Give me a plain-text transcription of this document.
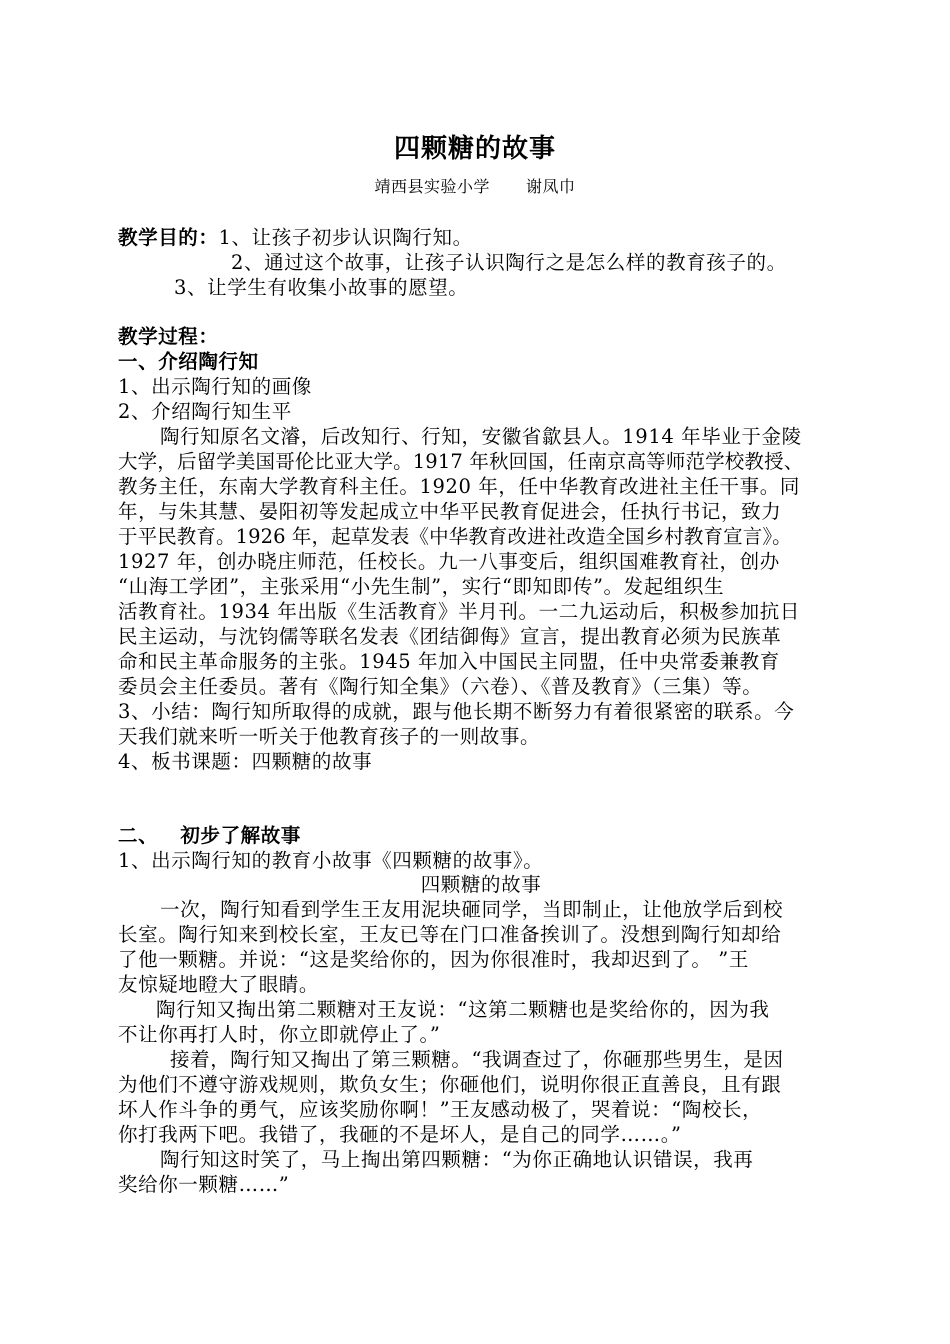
四颗糖的故事
靖西县实验小学 谢凤巾
教学目的：1、让孩子初步认识陶行知。
2、通过这个故事，让孩子认识陶行之是怎么样的教育孩子的。
3、让学生有收集小故事的愿望。
教学过程：
一、介绍陶行知
1、出示陶行知的画像
2、介绍陶行知生平
陶行知原名文濬，后改知行、行知，安徽省歙县人。1914 年毕业于金陵
大学，后留学美国哥伦比亚大学。1917 年秋回国，任南京高等师范学校教授、
教务主任，东南大学教育科主任。1920 年，任中华教育改进社主任干事。同
年，与朱其慧、晏阳初等发起成立中华平民教育促进会，任执行书记，致力
于平民教育。1926 年，起草发表《中华教育改进社改造全国乡村教育宣言》。
1927 年，创办晓庄师范，任校长。九一八事变后，组织国难教育社，创办
“山海工学团”，主张采用“小先生制”，实行“即知即传”。发起组织生
活教育社。1934 年出版《生活教育》半月刊。一二九运动后，积极参加抗日
民主运动，与沈钧儒等联名发表《团结御侮》宣言，提出教育必须为民族革
命和民主革命服务的主张。1945 年加入中国民主同盟，任中央常委兼教育
委员会主任委员。著有《陶行知全集》（六卷）、《普及教育》（三集）等。
3、小结：陶行知所取得的成就，跟与他长期不断努力有着很紧密的联系。今
天我们就来听一听关于他教育孩子的一则故事。
4、板书课题：四颗糖的故事
二、   初步了解故事
1、出示陶行知的教育小故事《四颗糖的故事》。
四颗糖的故事
一次，陶行知看到学生王友用泥块砸同学，当即制止，让他放学后到校
长室。陶行知来到校长室，王友已等在门口准备挨训了。没想到陶行知却给
了他一颗糖。并说：“这是奖给你的，因为你很准时，我却迟到了。 ”王
友惊疑地瞪大了眼睛。
陶行知又掏出第二颗糖对王友说：“这第二颗糖也是奖给你的，因为我
不让你再打人时，你立即就停止了。”
接着，陶行知又掏出了第三颗糖。“我调查过了，你砸那些男生，是因
为他们不遵守游戏规则，欺负女生；你砸他们，说明你很正直善良，且有跟
坏人作斗争的勇气，应该奖励你啊！”王友感动极了，哭着说：“陶校长，
你打我两下吧。我错了，我砸的不是坏人，是自己的同学……。”
陶行知这时笑了，马上掏出第四颗糖：“为你正确地认识错误，我再
奖给你一颗糖……”
